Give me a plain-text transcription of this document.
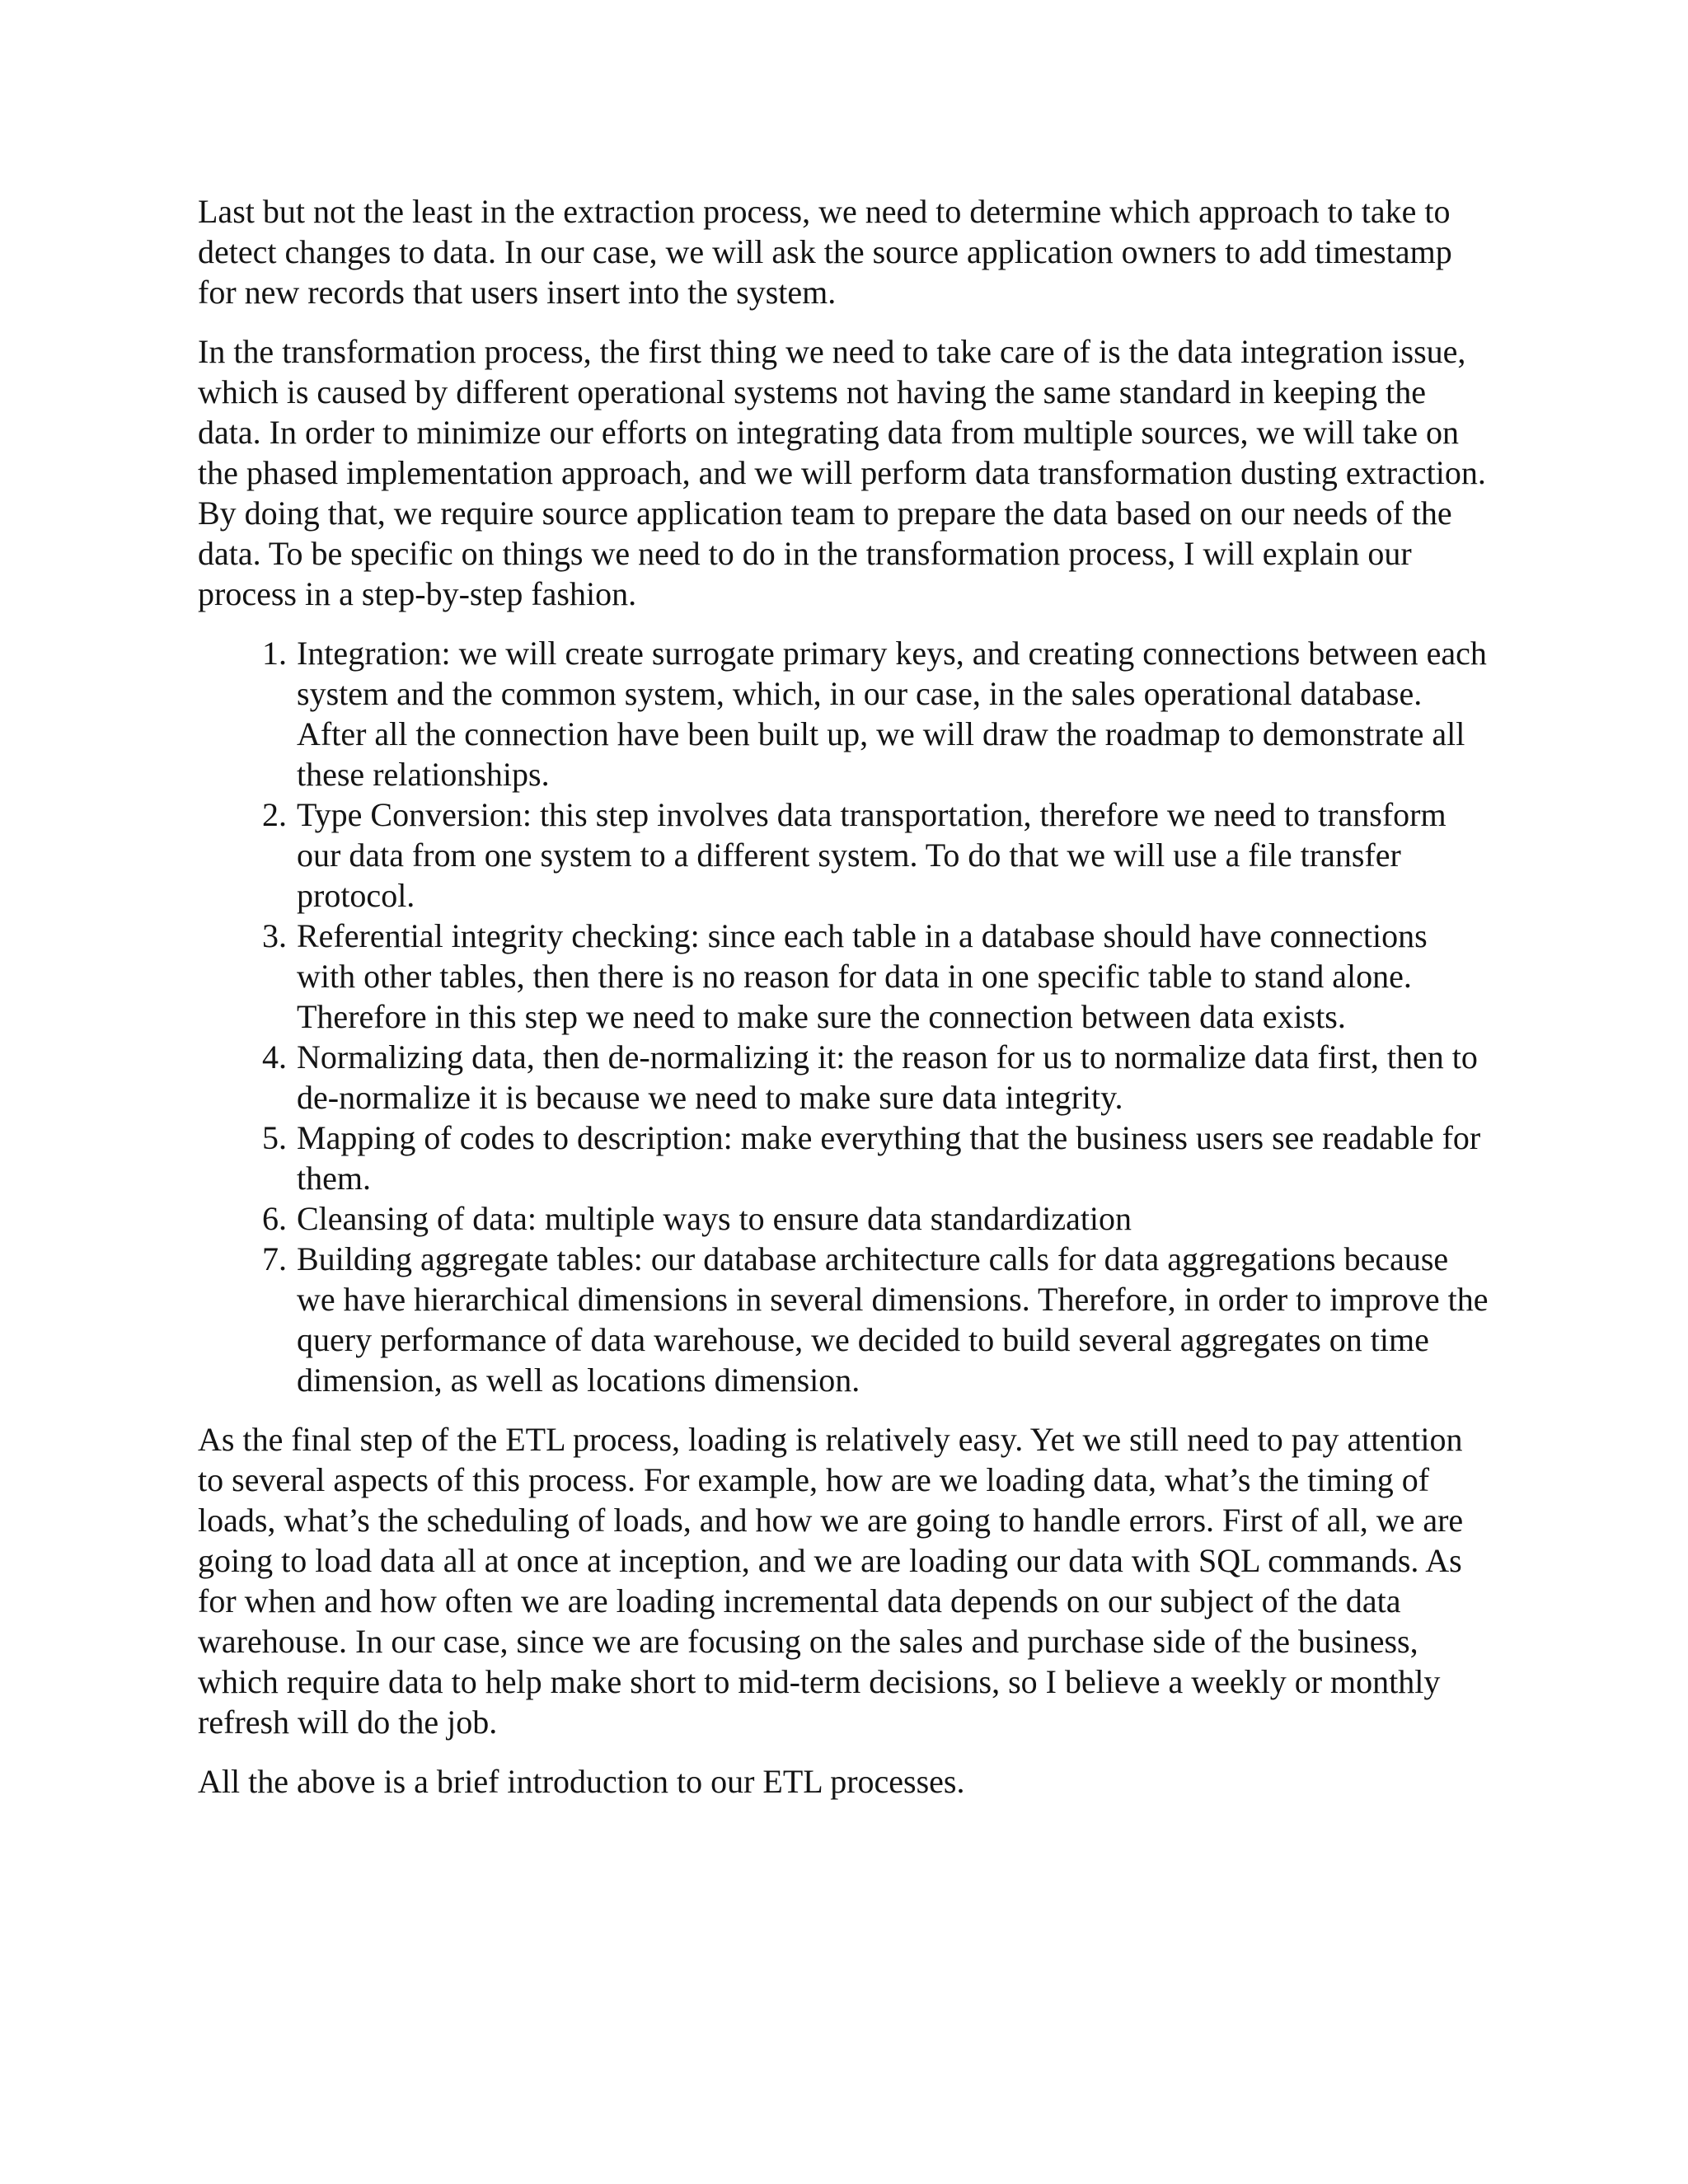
Last but not the least in the extraction process, we need to determine which approach to take to detect changes to data. In our case, we will ask the source application owners to add timestamp for new records that users insert into the system.

In the transformation process, the first thing we need to take care of is the data integration issue, which is caused by different operational systems not having the same standard in keeping the data. In order to minimize our efforts on integrating data from multiple sources, we will take on the phased implementation approach, and we will perform data transformation dusting extraction. By doing that, we require source application team to prepare the data based on our needs of the data. To be specific on things we need to do in the transformation process, I will explain our process in a step-by-step fashion.

1. Integration: we will create surrogate primary keys, and creating connections between each system and the common system, which, in our case, in the sales operational database. After all the connection have been built up, we will draw the roadmap to demonstrate all these relationships.
2. Type Conversion: this step involves data transportation, therefore we need to transform our data from one system to a different system. To do that we will use a file transfer protocol.
3. Referential integrity checking: since each table in a database should have connections with other tables, then there is no reason for data in one specific table to stand alone. Therefore in this step we need to make sure the connection between data exists.
4. Normalizing data, then de-normalizing it: the reason for us to normalize data first, then to de-normalize it is because we need to make sure data integrity.
5. Mapping of codes to description: make everything that the business users see readable for them.
6. Cleansing of data: multiple ways to ensure data standardization
7. Building aggregate tables: our database architecture calls for data aggregations because we have hierarchical dimensions in several dimensions. Therefore, in order to improve the query performance of data warehouse, we decided to build several aggregates on time dimension, as well as locations dimension.

As the final step of the ETL process, loading is relatively easy. Yet we still need to pay attention to several aspects of this process. For example, how are we loading data, what’s the timing of loads, what’s the scheduling of loads, and how we are going to handle errors. First of all, we are going to load data all at once at inception, and we are loading our data with SQL commands. As for when and how often we are loading incremental data depends on our subject of the data warehouse. In our case, since we are focusing on the sales and purchase side of the business, which require data to help make short to mid-term decisions, so I believe a weekly or monthly refresh will do the job.

All the above is a brief introduction to our ETL processes.
